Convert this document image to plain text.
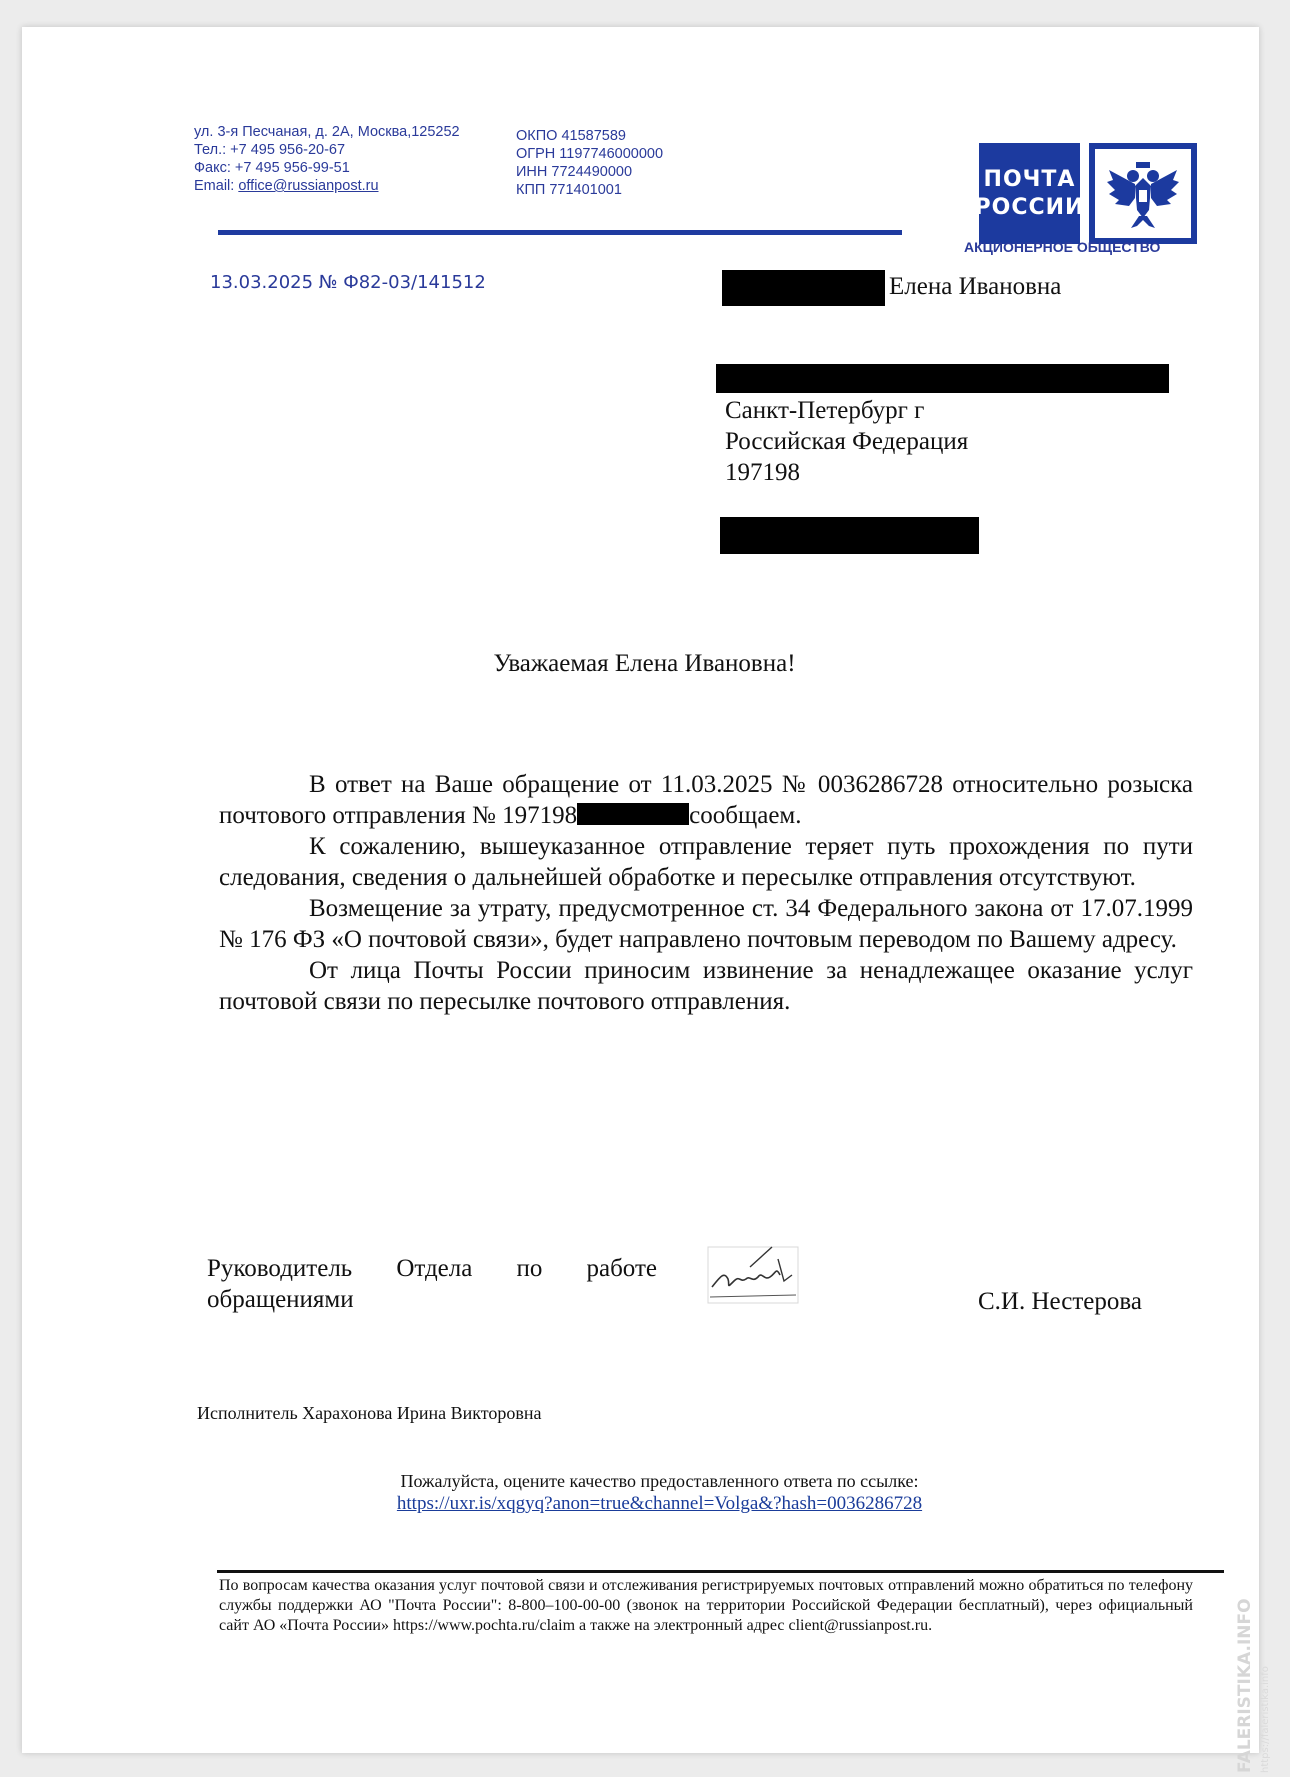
ул. 3-я Песчаная, д. 2А, Москва,125252
Тел.: +7 495 956-20-67
Факс: +7 495 956-99-51
Email: office@russianpost.ru
ОКПО 41587589
ОГРН 1197746000000
ИНН 7724490000
КПП 771401001	ПОЧТА
РОССИИ
АКЦИОНЕРНОЕ ОБЩЕСТВО
13.03.2025 № Ф82-03/141512	Елена Ивановна
Санкт-Петербург г
Российская Федерация
197198
Уважаемая Елена Ивановна!

В ответ на Ваше обращение от 11.03.2025 № 0036286728 относительно розыска почтового отправления № 197198	сообщаем.

К сожалению, вышеуказанное отправление теряет путь прохождения по пути следования, сведения о дальнейшей обработке и пересылке отправления отсутствуют.

Возмещение за утрату, предусмотренное ст. 34 Федерального закона от 17.07.1999 № 176 ФЗ «О почтовой связи», будет направлено почтовым переводом по Вашему адресу.

От лица Почты России приносим извинение за ненадлежащее оказание услуг почтовой связи по пересылке почтового отправления.

Руководитель Отдела по работе
обращениями	С.И. Нестерова
Исполнитель Харахонова Ирина Викторовна
Пожалуйста, оцените качество предоставленного ответа по ссылке:
https://uxr.is/xqgyq?anon=true&channel=Volga&?hash=0036286728
По вопросам качества оказания услуг почтовой связи и отслеживания регистрируемых почтовых отправлений можно обратиться по телефону службы поддержки АО "Почта России": 8-800–100-00-00 (звонок на территории Российской Федерации бесплатный), через официальный сайт АО «Почта России» https://www.pochta.ru/claim а также на электронный адрес client@russianpost.ru.	FALERISTIKA.INFO https://faleristika.info
